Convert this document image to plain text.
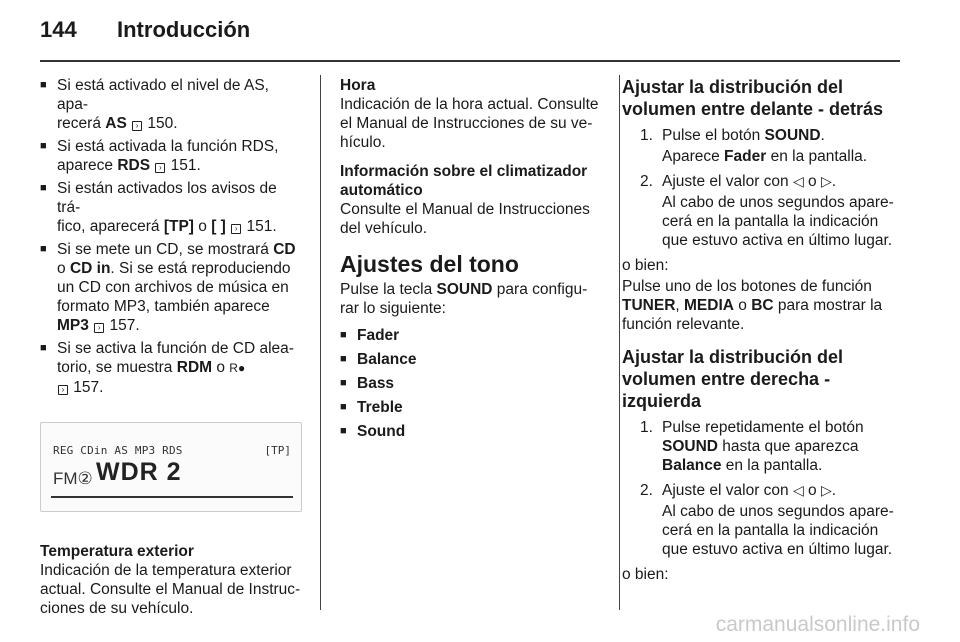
144 Introducción
■ Si está activado el nivel de AS, apa-
recerá AS › 150.
■ Si está activada la función RDS,
aparece RDS › 151.
■ Si están activados los avisos de trá-
fico, aparecerá [TP] o [ ] › 151.
■ Si se mete un CD, se mostrará CD
o CD in. Si se está reproduciendo
un CD con archivos de música en
formato MP3, también aparece
MP3 › 157.
■ Si se activa la función de CD alea-
torio, se muestra RDM o R●
› 157.
REG CDin AS MP3 RDS	[TP]
FM② WDR 2
Temperatura exterior
Indicación de la temperatura exterior
actual. Consulte el Manual de Instruc-
ciones de su vehículo.
Hora
Indicación de la hora actual. Consulte
el Manual de Instrucciones de su ve-
hículo.
Información sobre el climatizador
automático
Consulte el Manual de Instrucciones
del vehículo.
Ajustes del tono
Pulse la tecla SOUND para configu-
rar lo siguiente:
■ Fader
■ Balance
■ Bass
■ Treble
■ Sound
Ajustar la distribución del
volumen entre delante - detrás
1. Pulse el botón SOUND.
Aparece Fader en la pantalla.
2. Ajuste el valor con ◁ o ▷.
Al cabo de unos segundos apare-
cerá en la pantalla la indicación
que estuvo activa en último lugar.
o bien:
Pulse uno de los botones de función
TUNER, MEDIA o BC para mostrar la
función relevante.
Ajustar la distribución del
volumen entre derecha -
izquierda
1. Pulse repetidamente el botón
SOUND hasta que aparezca
Balance en la pantalla.
2. Ajuste el valor con ◁ o ▷.
Al cabo de unos segundos apare-
cerá en la pantalla la indicación
que estuvo activa en último lugar.
o bien:
carmanualsonline.info
